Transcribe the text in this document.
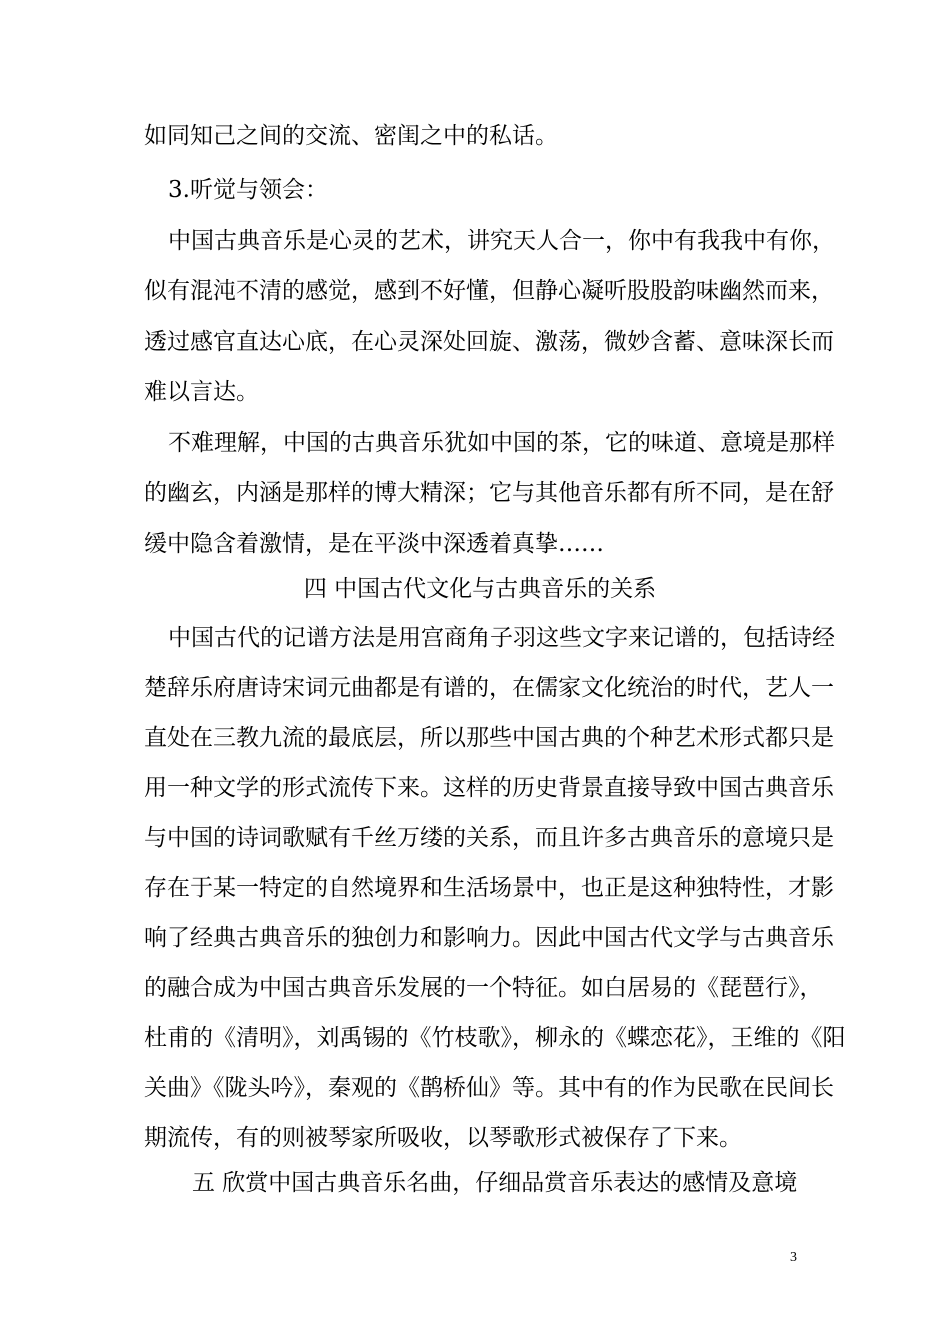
如同知己之间的交流、密闺之中的私话。
3.听觉与领会：
中国古典音乐是心灵的艺术，讲究天人合一，你中有我我中有你，
似有混沌不清的感觉，感到不好懂，但静心凝听股股韵味幽然而来，
透过感官直达心底，在心灵深处回旋、激荡，微妙含蓄、意味深长而
难以言达。
不难理解，中国的古典音乐犹如中国的茶，它的味道、意境是那样
的幽玄，内涵是那样的博大精深；它与其他音乐都有所不同，是在舒
缓中隐含着激情，是在平淡中深透着真挚……
四 中国古代文化与古典音乐的关系
中国古代的记谱方法是用宫商角子羽这些文字来记谱的，包括诗经
楚辞乐府唐诗宋词元曲都是有谱的，在儒家文化统治的时代，艺人一
直处在三教九流的最底层，所以那些中国古典的个种艺术形式都只是
用一种文学的形式流传下来。这样的历史背景直接导致中国古典音乐
与中国的诗词歌赋有千丝万缕的关系，而且许多古典音乐的意境只是
存在于某一特定的自然境界和生活场景中，也正是这种独特性，才影
响了经典古典音乐的独创力和影响力。因此中国古代文学与古典音乐
的融合成为中国古典音乐发展的一个特征。如白居易的《琵琶行》，
杜甫的《清明》，刘禹锡的《竹枝歌》，柳永的《蝶恋花》，王维的《阳
关曲》《陇头吟》，秦观的《鹊桥仙》等。其中有的作为民歌在民间长
期流传，有的则被琴家所吸收，以琴歌形式被保存了下来。
五 欣赏中国古典音乐名曲，仔细品赏音乐表达的感情及意境
3
